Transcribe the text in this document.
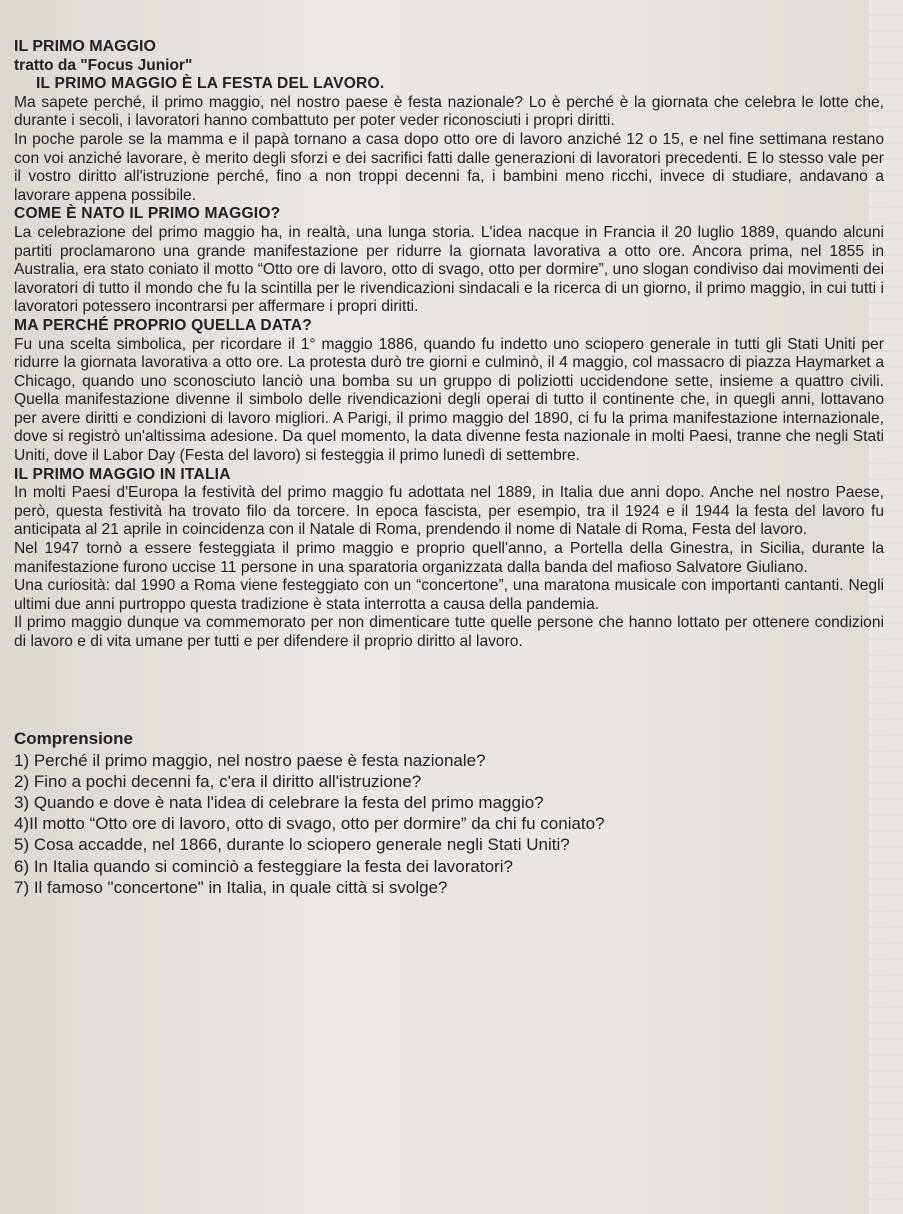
IL PRIMO MAGGIO

tratto da "Focus Junior"

IL PRIMO MAGGIO È LA FESTA DEL LAVORO.

Ma sapete perché, il primo maggio, nel nostro paese è festa nazionale? Lo è perché è la giornata che celebra le lotte che, durante i secoli, i lavoratori hanno combattuto per poter veder riconosciuti i propri diritti.

In poche parole se la mamma e il papà tornano a casa dopo otto ore di lavoro anziché 12 o 15, e nel fine settimana restano con voi anziché lavorare, è merito degli sforzi e dei sacrifici fatti dalle generazioni di lavoratori precedenti. E lo stesso vale per il vostro diritto all'istruzione perché, fino a non troppi decenni fa, i bambini meno ricchi, invece di studiare, andavano a lavorare appena possibile.

COME È NATO IL PRIMO MAGGIO?

La celebrazione del primo maggio ha, in realtà, una lunga storia. L'idea nacque in Francia il 20 luglio 1889, quando alcuni partiti proclamarono una grande manifestazione per ridurre la giornata lavorativa a otto ore. Ancora prima, nel 1855 in Australia, era stato coniato il motto “Otto ore di lavoro, otto di svago, otto per dormire”, uno slogan condiviso dai movimenti dei lavoratori di tutto il mondo che fu la scintilla per le rivendicazioni sindacali e la ricerca di un giorno, il primo maggio, in cui tutti i lavoratori potessero incontrarsi per affermare i propri diritti.

MA PERCHÉ PROPRIO QUELLA DATA?

Fu una scelta simbolica, per ricordare il 1° maggio 1886, quando fu indetto uno sciopero generale in tutti gli Stati Uniti per ridurre la giornata lavorativa a otto ore. La protesta durò tre giorni e culminò, il 4 maggio, col massacro di piazza Haymarket a Chicago, quando uno sconosciuto lanciò una bomba su un gruppo di poliziotti uccidendone sette, insieme a quattro civili. Quella manifestazione divenne il simbolo delle rivendicazioni degli operai di tutto il continente che, in quegli anni, lottavano per avere diritti e condizioni di lavoro migliori. A Parigi, il primo maggio del 1890, ci fu la prima manifestazione internazionale, dove si registrò un'altissima adesione. Da quel momento, la data divenne festa nazionale in molti Paesi, tranne che negli Stati Uniti, dove il Labor Day (Festa del lavoro) si festeggia il primo lunedì di settembre.

IL PRIMO MAGGIO IN ITALIA

In molti Paesi d'Europa la festività del primo maggio fu adottata nel 1889, in Italia due anni dopo. Anche nel nostro Paese, però, questa festività ha trovato filo da torcere. In epoca fascista, per esempio, tra il 1924 e il 1944 la festa del lavoro fu anticipata al 21 aprile in coincidenza con il Natale di Roma, prendendo il nome di Natale di Roma, Festa del lavoro.

Nel 1947 tornò a essere festeggiata il primo maggio e proprio quell'anno, a Portella della Ginestra, in Sicilia, durante la manifestazione furono uccise 11 persone in una sparatoria organizzata dalla banda del mafioso Salvatore Giuliano.

Una curiosità: dal 1990 a Roma viene festeggiato con un “concertone”, una maratona musicale con importanti cantanti. Negli ultimi due anni purtroppo questa tradizione è stata interrotta a causa della pandemia.

Il primo maggio dunque va commemorato per non dimenticare tutte quelle persone che hanno lottato per ottenere condizioni di lavoro e di vita umane per tutti e per difendere il proprio diritto al lavoro.

Comprensione

1) Perché il primo maggio, nel nostro paese è festa nazionale?

2) Fino a pochi decenni fa, c'era il diritto all'istruzione?

3) Quando e dove è nata l'idea di celebrare la festa del primo maggio?

4)Il motto “Otto ore di lavoro, otto di svago, otto per dormire” da chi fu coniato?

5) Cosa accadde, nel 1866, durante lo sciopero generale negli Stati Uniti?

6) In Italia quando si cominciò a festeggiare la festa dei lavoratori?

7) Il famoso "concertone" in Italia, in quale città si svolge?
